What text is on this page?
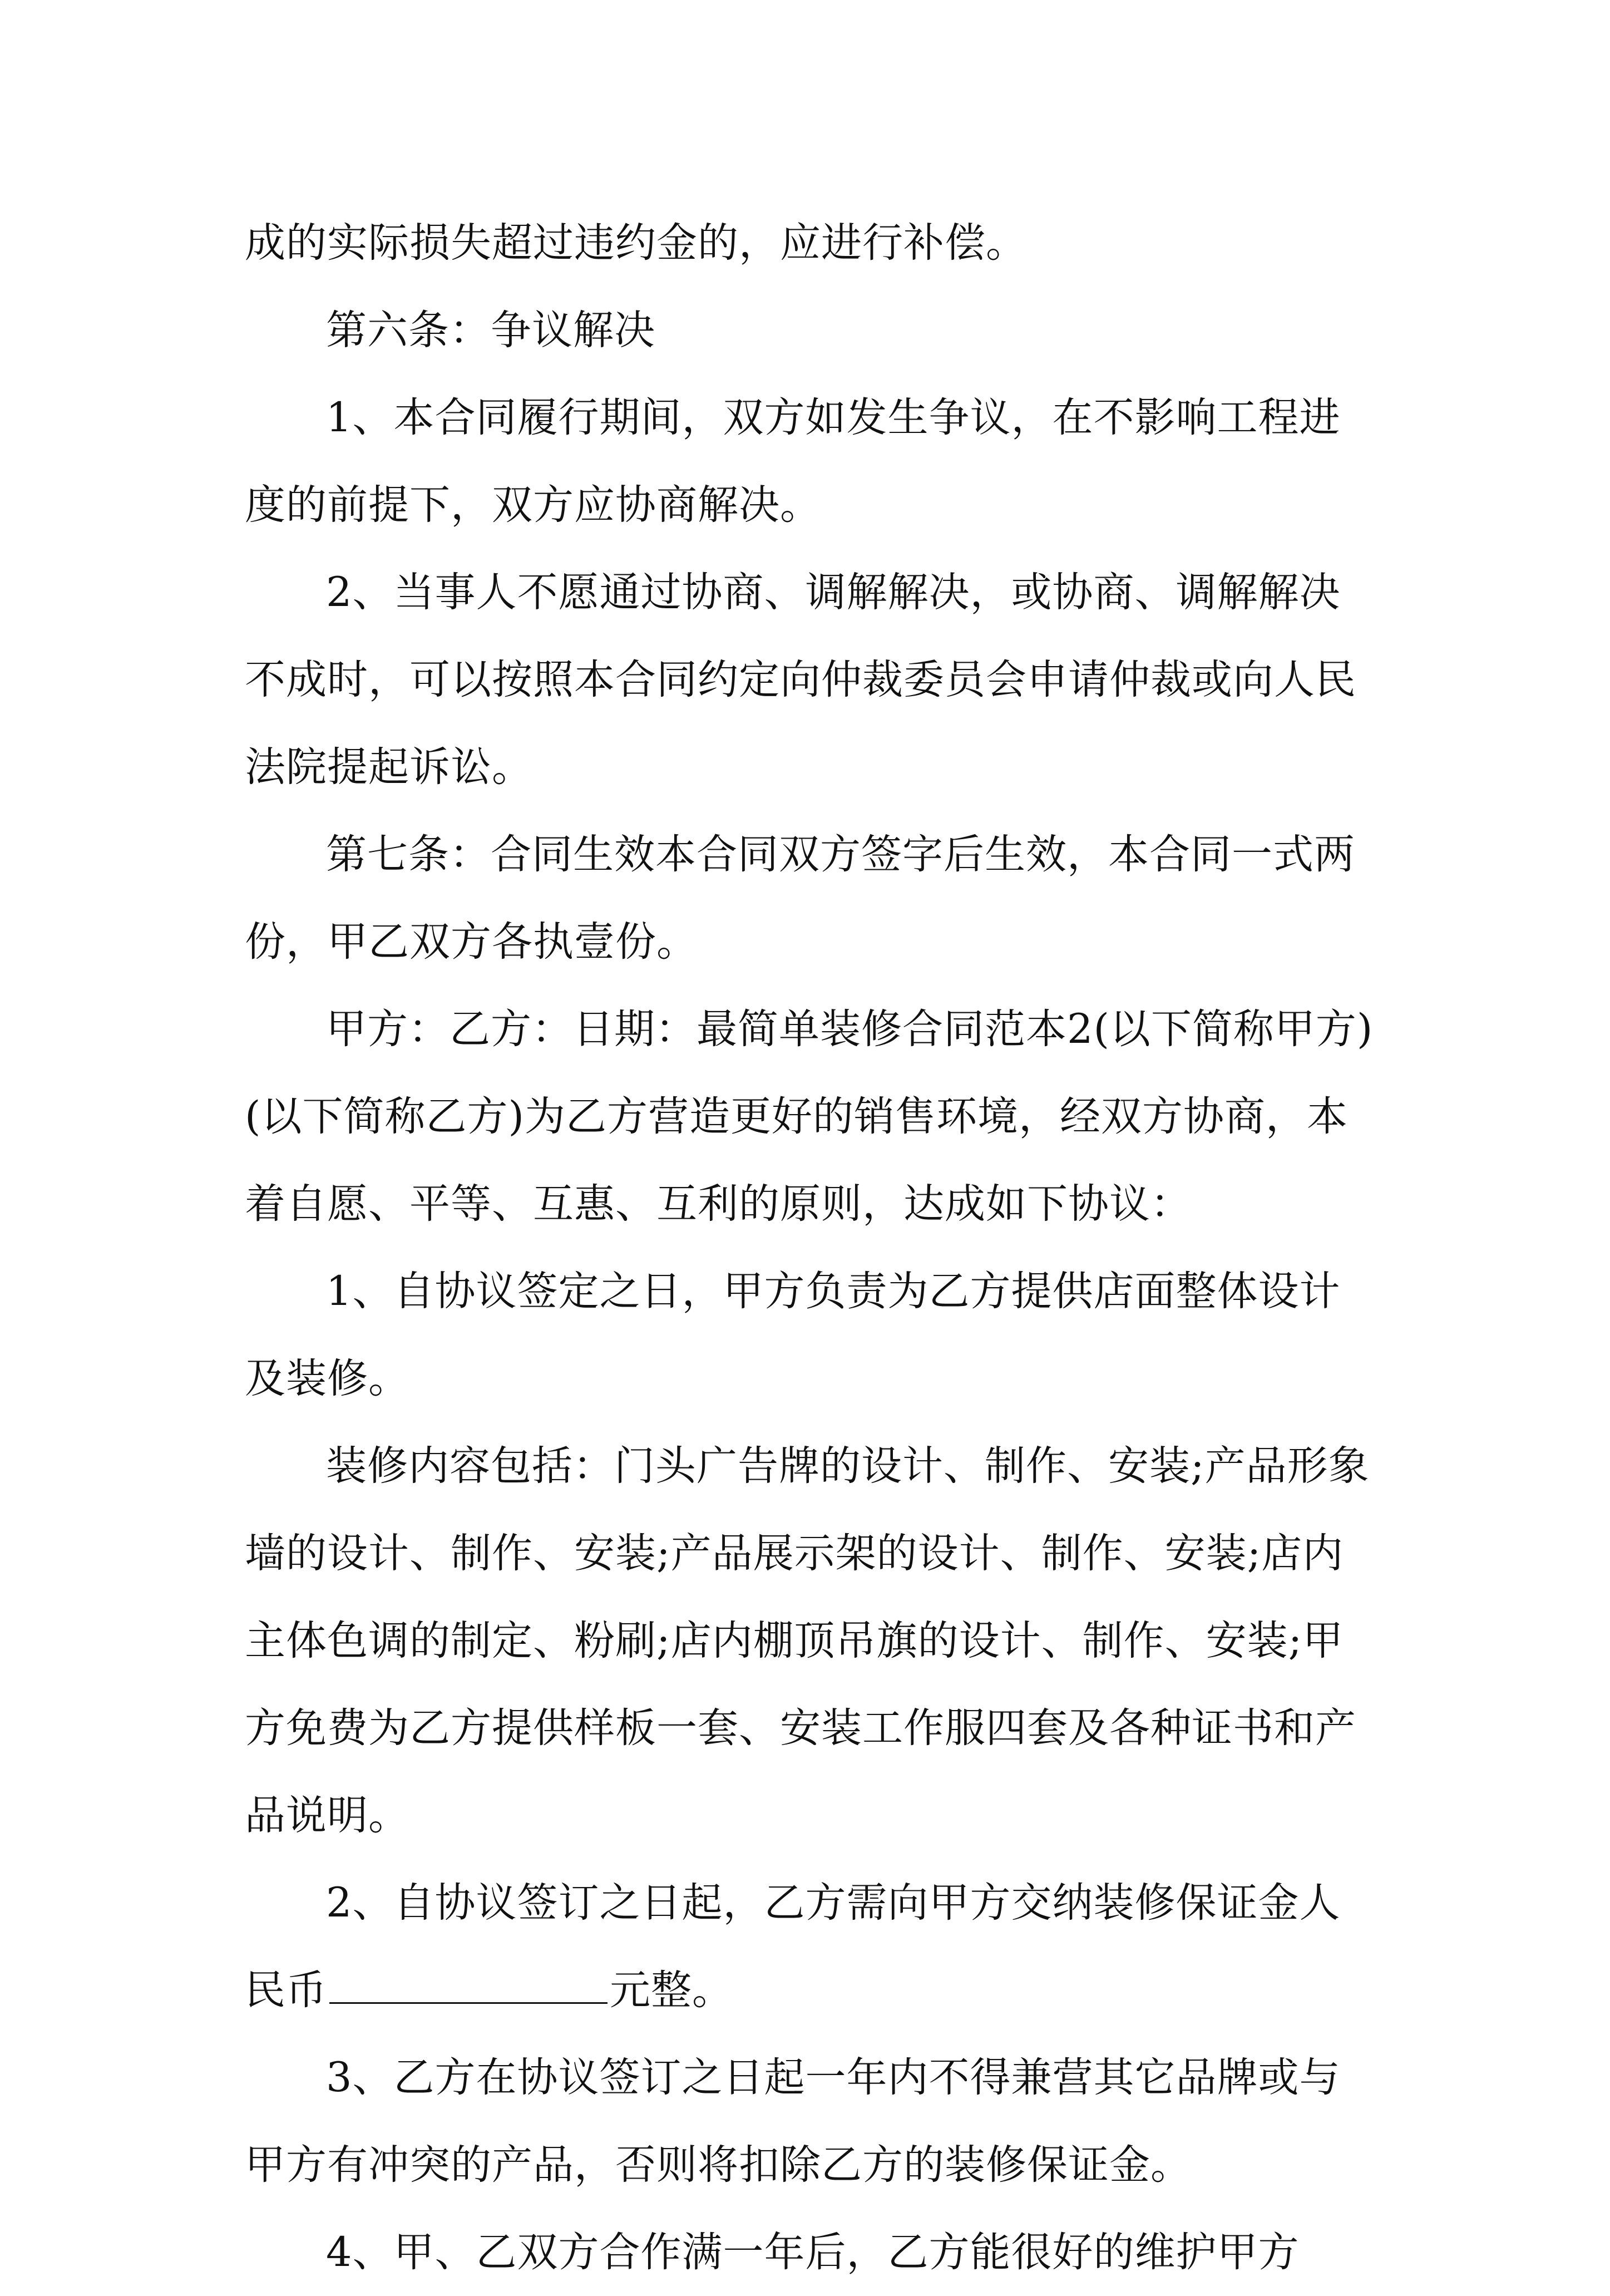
成的实际损失超过违约金的，应进行补偿。

第六条：争议解决

1、本合同履行期间，双方如发生争议，在不影响工程进度的前提下，双方应协商解决。

2、当事人不愿通过协商、调解解决，或协商、调解解决不成时，可以按照本合同约定向仲裁委员会申请仲裁或向人民法院提起诉讼。

第七条：合同生效本合同双方签字后生效，本合同一式两份，甲乙双方各执壹份。

甲方：乙方：日期：最简单装修合同范本2(以下简称甲方)(以下简称乙方)为乙方营造更好的销售环境，经双方协商，本着自愿、平等、互惠、互利的原则，达成如下协议：

1、自协议签定之日，甲方负责为乙方提供店面整体设计及装修。

装修内容包括：门头广告牌的设计、制作、安装;产品形象墙的设计、制作、安装;产品展示架的设计、制作、安装;店内主体色调的制定、粉刷;店内棚顶吊旗的设计、制作、安装;甲方免费为乙方提供样板一套、安装工作服四套及各种证书和产品说明。

2、自协议签订之日起，乙方需向甲方交纳装修保证金人民币	元整。

3、乙方在协议签订之日起一年内不得兼营其它品牌或与甲方有冲突的产品，否则将扣除乙方的装修保证金。

4、甲、乙双方合作满一年后，乙方能很好的维护甲方
